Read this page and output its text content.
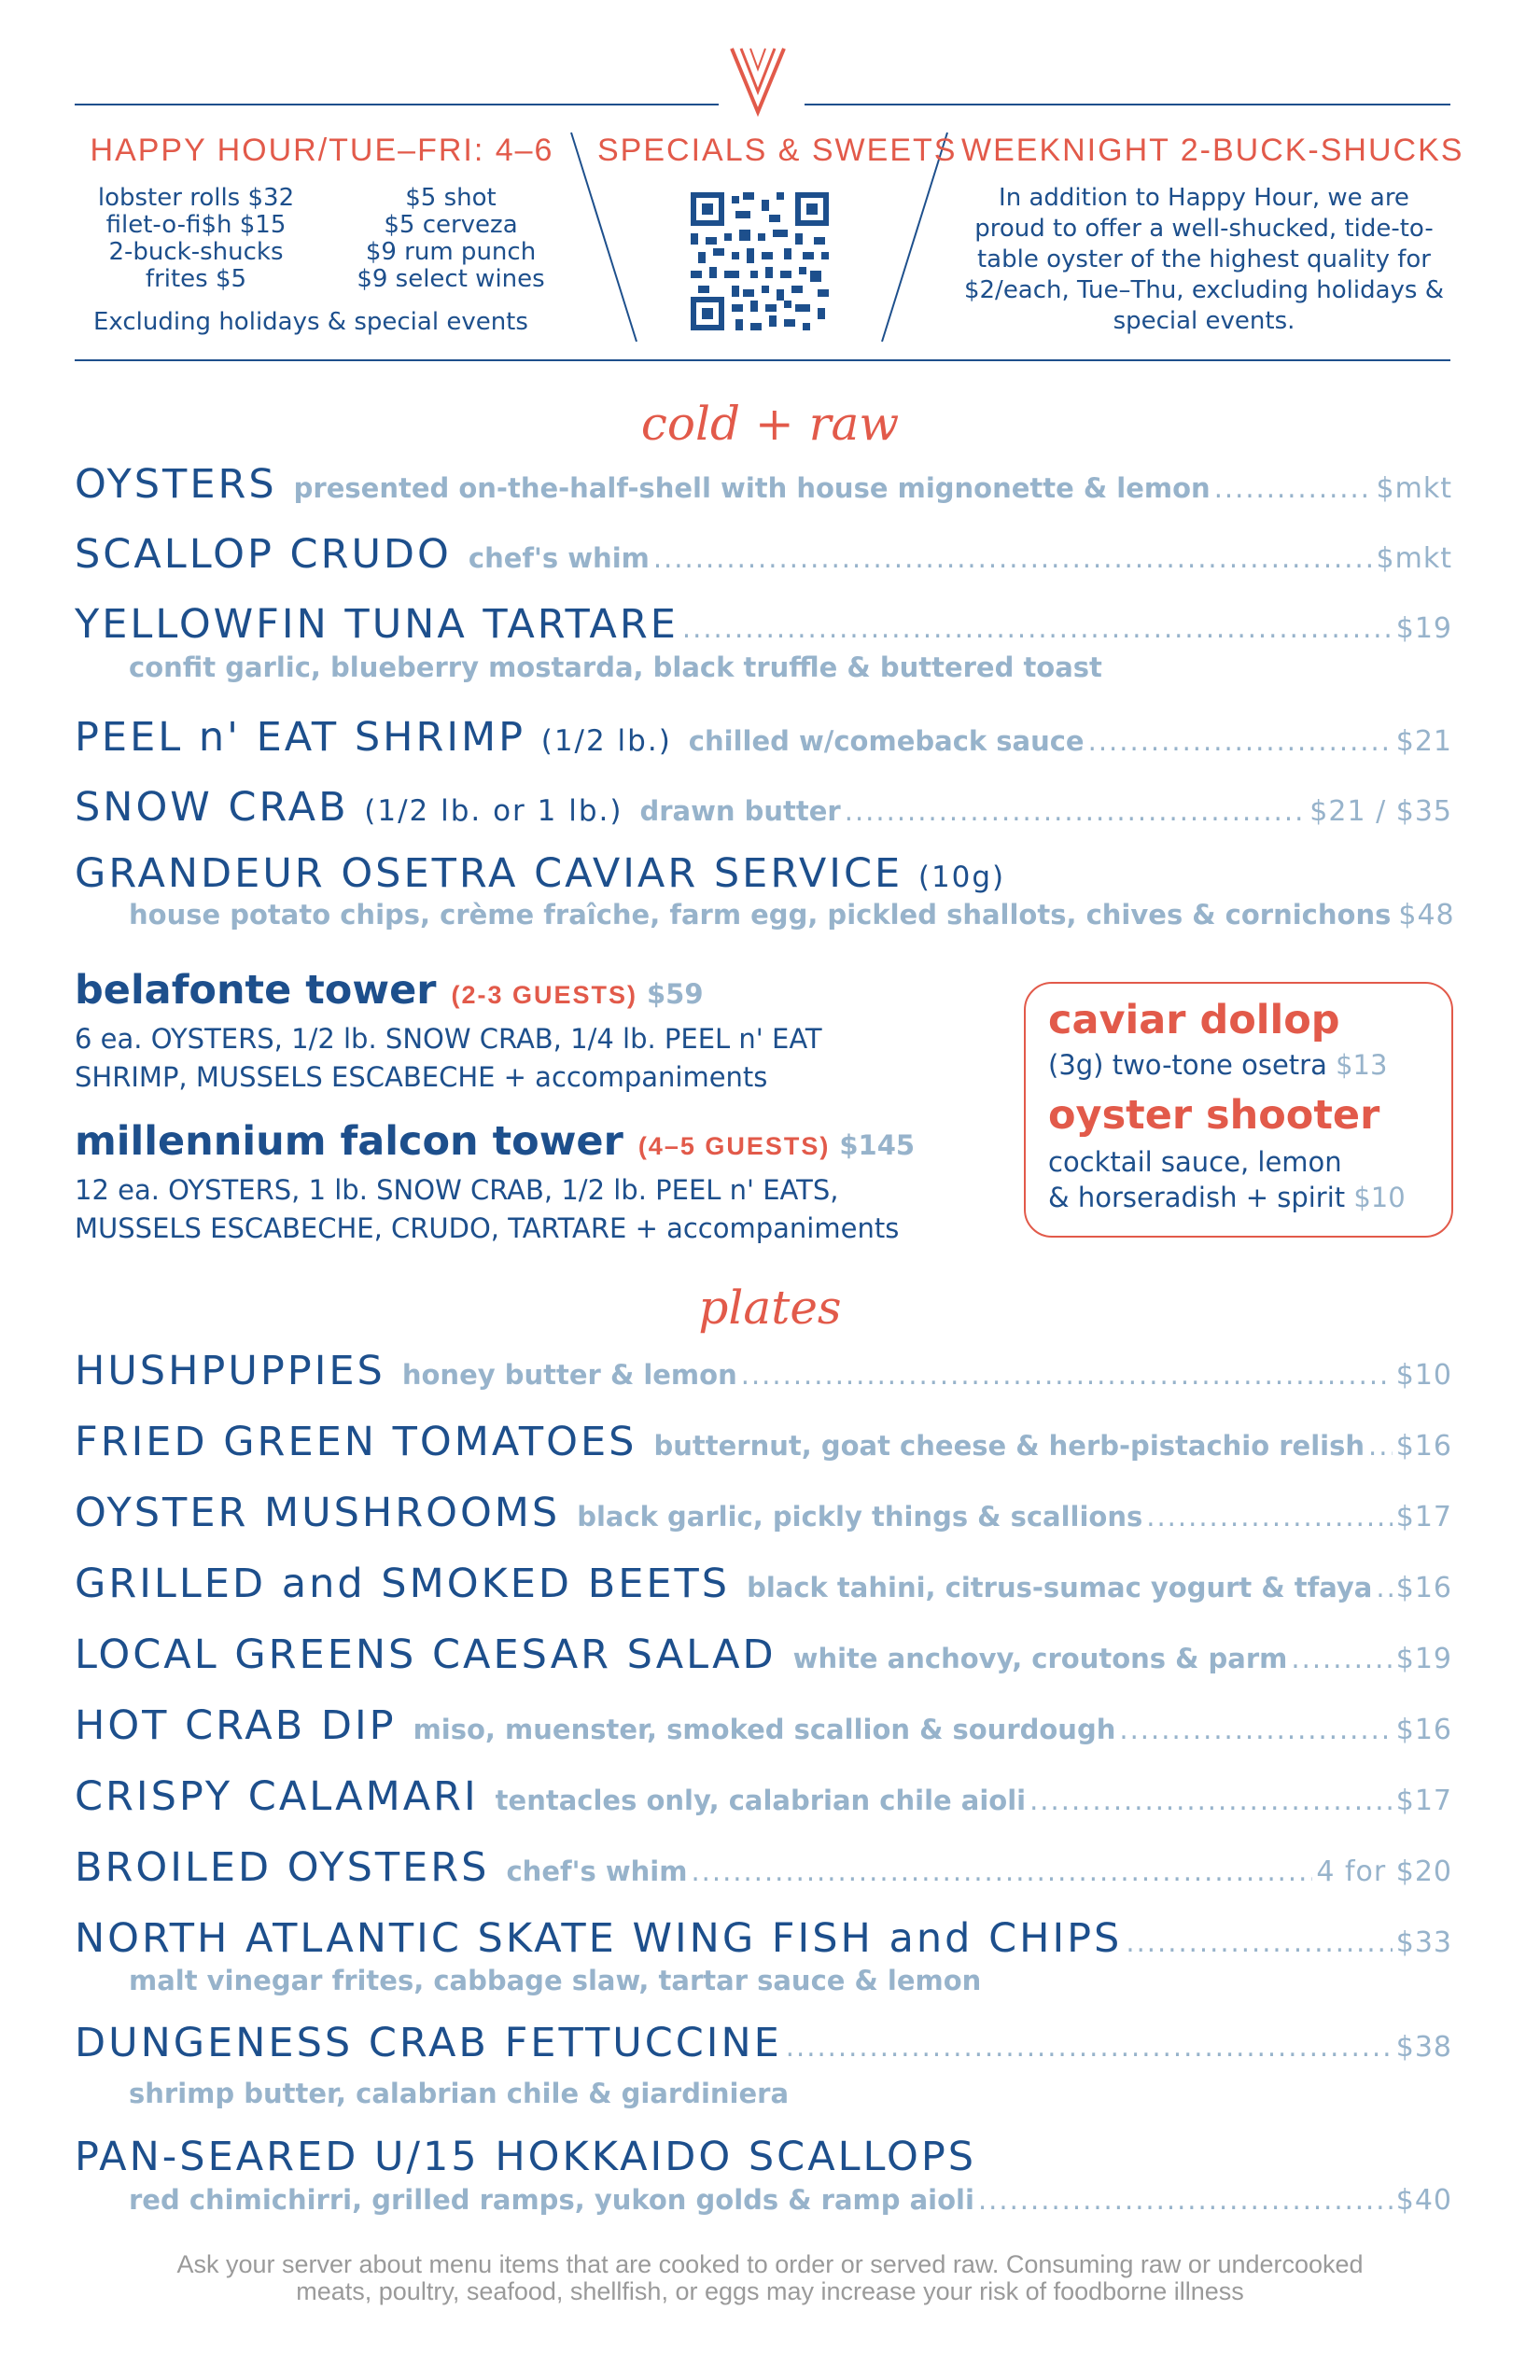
HAPPY HOUR/TUE–FRI: 4–6
lobster rolls $32
filet-o-fi$h $15
2-buck-shucks
frites $5
$5 shot
$5 cerveza
$9 rum punch
$9 select wines
Excluding holidays & special events
SPECIALS & SWEETS WEEKNIGHT 2-BUCK-SHUCKS
In addition to Happy Hour, we are proud to offer a well-shucked, tide-to-table oyster of the highest quality for $2/each, Tue–Thu, excluding holidays & special events.
cold + raw
OYSTERS presented on-the-half-shell with house mignonette & lemon .....	$mkt
SCALLOP CRUDO chef's whim .....	$mkt
YELLOWFIN TUNA TARTARE .....	$19
confit garlic, blueberry mostarda, black truffle & buttered toast
PEEL n' EAT SHRIMP (1/2 lb.) chilled w/comeback sauce .....	$21
SNOW CRAB (1/2 lb. or 1 lb.) drawn butter .....	$21 / $35
GRANDEUR OSETRA CAVIAR SERVICE (10g)
house potato chips, crème fraîche, farm egg, pickled shallots, chives & cornichons $48
belafonte tower (2-3 GUESTS) $59
6 ea. OYSTERS, 1/2 lb. SNOW CRAB, 1/4 lb. PEEL n' EAT
SHRIMP, MUSSELS ESCABECHE + accompaniments
millennium falcon tower (4–5 GUESTS) $145
12 ea. OYSTERS, 1 lb. SNOW CRAB, 1/2 lb. PEEL n' EATS,
MUSSELS ESCABECHE, CRUDO, TARTARE + accompaniments
caviar dollop
(3g) two-tone osetra $13
oyster shooter
cocktail sauce, lemon
& horseradish + spirit $10
plates
HUSHPUPPIES honey butter & lemon .....	$10
FRIED GREEN TOMATOES butternut, goat cheese & herb-pistachio relish ..... $16
OYSTER MUSHROOMS black garlic, pickly things & scallions .....	$17
GRILLED and SMOKED BEETS black tahini, citrus-sumac yogurt & tfaya ..... $16
LOCAL GREENS CAESAR SALAD white anchovy, croutons & parm .....	$19
HOT CRAB DIP miso, muenster, smoked scallion & sourdough .....	$16
CRISPY CALAMARI tentacles only, calabrian chile aioli .....	$17
BROILED OYSTERS chef's whim .....	4 for $20
NORTH ATLANTIC SKATE WING FISH and CHIPS .....	$33
malt vinegar frites, cabbage slaw, tartar sauce & lemon
DUNGENESS CRAB FETTUCCINE .....	$38
shrimp butter, calabrian chile & giardiniera
PAN-SEARED U/15 HOKKAIDO SCALLOPS
red chimichirri, grilled ramps, yukon golds & ramp aioli .....	$40
Ask your server about menu items that are cooked to order or served raw. Consuming raw or undercooked
meats, poultry, seafood, shellfish, or eggs may increase your risk of foodborne illness
